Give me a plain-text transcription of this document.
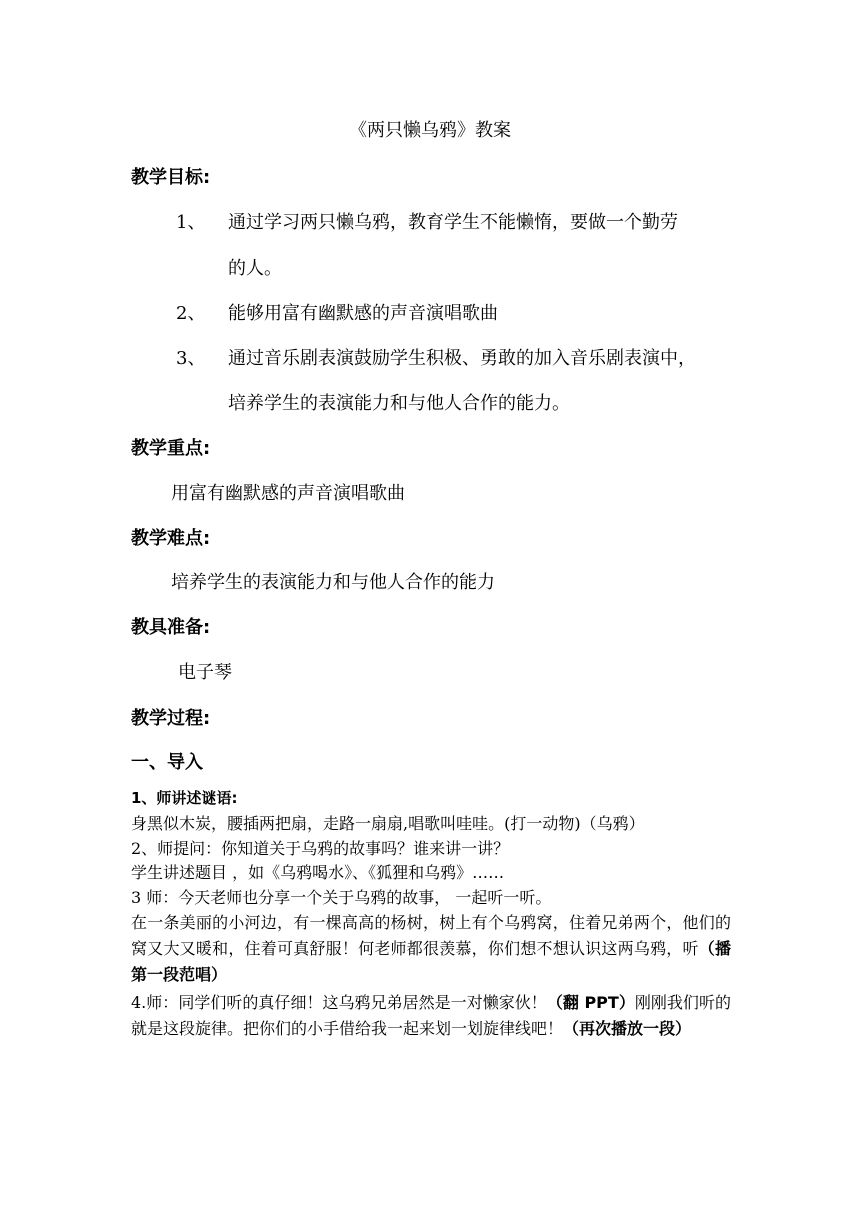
《两只懒乌鸦》教案
教学目标:
1、 通过学习两只懒乌鸦，教育学生不能懒惰，要做一个勤劳
的人。
2、 能够用富有幽默感的声音演唱歌曲
3、 通过音乐剧表演鼓励学生积极、勇敢的加入音乐剧表演中，
培养学生的表演能力和与他人合作的能力。
教学重点:
用富有幽默感的声音演唱歌曲
教学难点:
培养学生的表演能力和与他人合作的能力
教具准备:
电子琴
教学过程:
一、导入
1、师讲述谜语:
身黑似木炭，腰插两把扇，走路一扇扇,唱歌叫哇哇。(打一动物)（乌鸦）
2、师提问：你知道关于乌鸦的故事吗？谁来讲一讲？
学生讲述题目 ，如《乌鸦喝水》、《狐狸和乌鸦》……
3 师：今天老师也分享一个关于乌鸦的故事， 一起听一听。
在一条美丽的小河边，有一棵高高的杨树，树上有个乌鸦窝，住着兄弟两个，他们的窝又大又暖和，住着可真舒服！何老师都很羡慕，你们想不想认识这两乌鸦，听（播第一段范唱）
4.师：同学们听的真仔细！这乌鸦兄弟居然是一对懒家伙！（翻 PPT）刚刚我们听的就是这段旋律。把你们的小手借给我一起来划一划旋律线吧！（再次播放一段）
